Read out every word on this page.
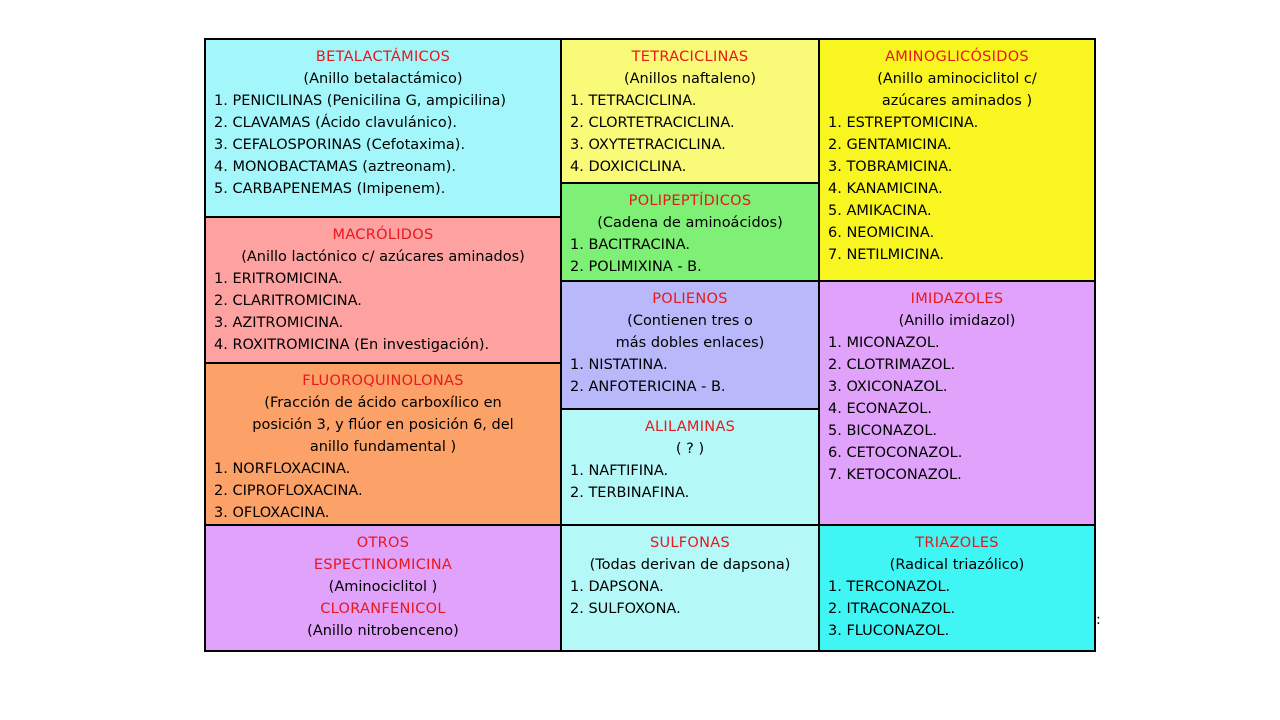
BETALACTÁMICOS
(Anillo betalactámico)
1. PENICILINAS (Penicilina G, ampicilina)
2. CLAVAMAS (Ácido clavulánico).
3. CEFALOSPORINAS (Cefotaxima).
4. MONOBACTAMAS (aztreonam).
5. CARBAPENEMAS (Imipenem).
MACRÓLIDOS
(Anillo lactónico c/ azúcares aminados)
1. ERITROMICINA.
2. CLARITROMICINA.
3. AZITROMICINA.
4. ROXITROMICINA (En investigación).
FLUOROQUINOLONAS
(Fracción de ácido carboxílico en
posición 3, y flúor en posición 6, del
anillo fundamental )
1. NORFLOXACINA.
2. CIPROFLOXACINA.
3. OFLOXACINA.
OTROS
ESPECTINOMICINA
(Aminociclitol )
CLORANFENICOL
(Anillo nitrobenceno)
TETRACICLINAS
(Anillos naftaleno)
1. TETRACICLINA.
2. CLORTETRACICLINA.
3. OXYTETRACICLINA.
4. DOXICICLINA.
POLIPEPTÍDICOS
(Cadena de aminoácidos)
1. BACITRACINA.
2. POLIMIXINA - B.
POLIENOS
(Contienen tres o
más dobles enlaces)
1. NISTATINA.
2. ANFOTERICINA - B.
ALILAMINAS
( ? )
1. NAFTIFINA.
2. TERBINAFINA.
SULFONAS
(Todas derivan de dapsona)
1. DAPSONA.
2. SULFOXONA.
AMINOGLICÓSIDOS
(Anillo aminociclitol c/
azúcares aminados )
1. ESTREPTOMICINA.
2. GENTAMICINA.
3. TOBRAMICINA.
4. KANAMICINA.
5. AMIKACINA.
6. NEOMICINA.
7. NETILMICINA.
IMIDAZOLES
(Anillo imidazol)
1. MICONAZOL.
2. CLOTRIMAZOL.
3. OXICONAZOL.
4. ECONAZOL.
5. BICONAZOL.
6. CETOCONAZOL.
7. KETOCONAZOL.
TRIAZOLES
(Radical triazólico)
1. TERCONAZOL.
2. ITRACONAZOL.
3. FLUCONAZOL.
:
